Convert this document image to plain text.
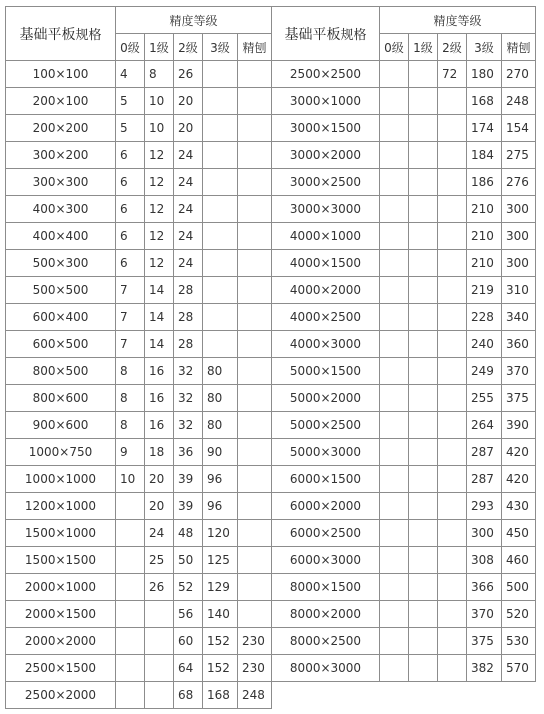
基础平板规格	精度等级					基础平板规格	精度等级				
	0级	1级	2级	3级	精刨		0级	1级	2级	3级	精刨
100×100	4	8	26			2500×2500			72	180	270
200×100	5	10	20			3000×1000				168	248
200×200	5	10	20			3000×1500				174	154
300×200	6	12	24			3000×2000				184	275
300×300	6	12	24			3000×2500				186	276
400×300	6	12	24			3000×3000				210	300
400×400	6	12	24			4000×1000				210	300
500×300	6	12	24			4000×1500				210	300
500×500	7	14	28			4000×2000				219	310
600×400	7	14	28			4000×2500				228	340
600×500	7	14	28			4000×3000				240	360
800×500	8	16	32	80		5000×1500				249	370
800×600	8	16	32	80		5000×2000				255	375
900×600	8	16	32	80		5000×2500				264	390
1000×750	9	18	36	90		5000×3000				287	420
1000×1000	10	20	39	96		6000×1500				287	420
1200×1000		20	39	96		6000×2000				293	430
1500×1000		24	48	120		6000×2500				300	450
1500×1500		25	50	125		6000×3000				308	460
2000×1000		26	52	129		8000×1500				366	500
2000×1500			56	140		8000×2000				370	520
2000×2000			60	152	230	8000×2500				375	530
2500×1500			64	152	230	8000×3000				382	570
2500×2000			68	168	248						
